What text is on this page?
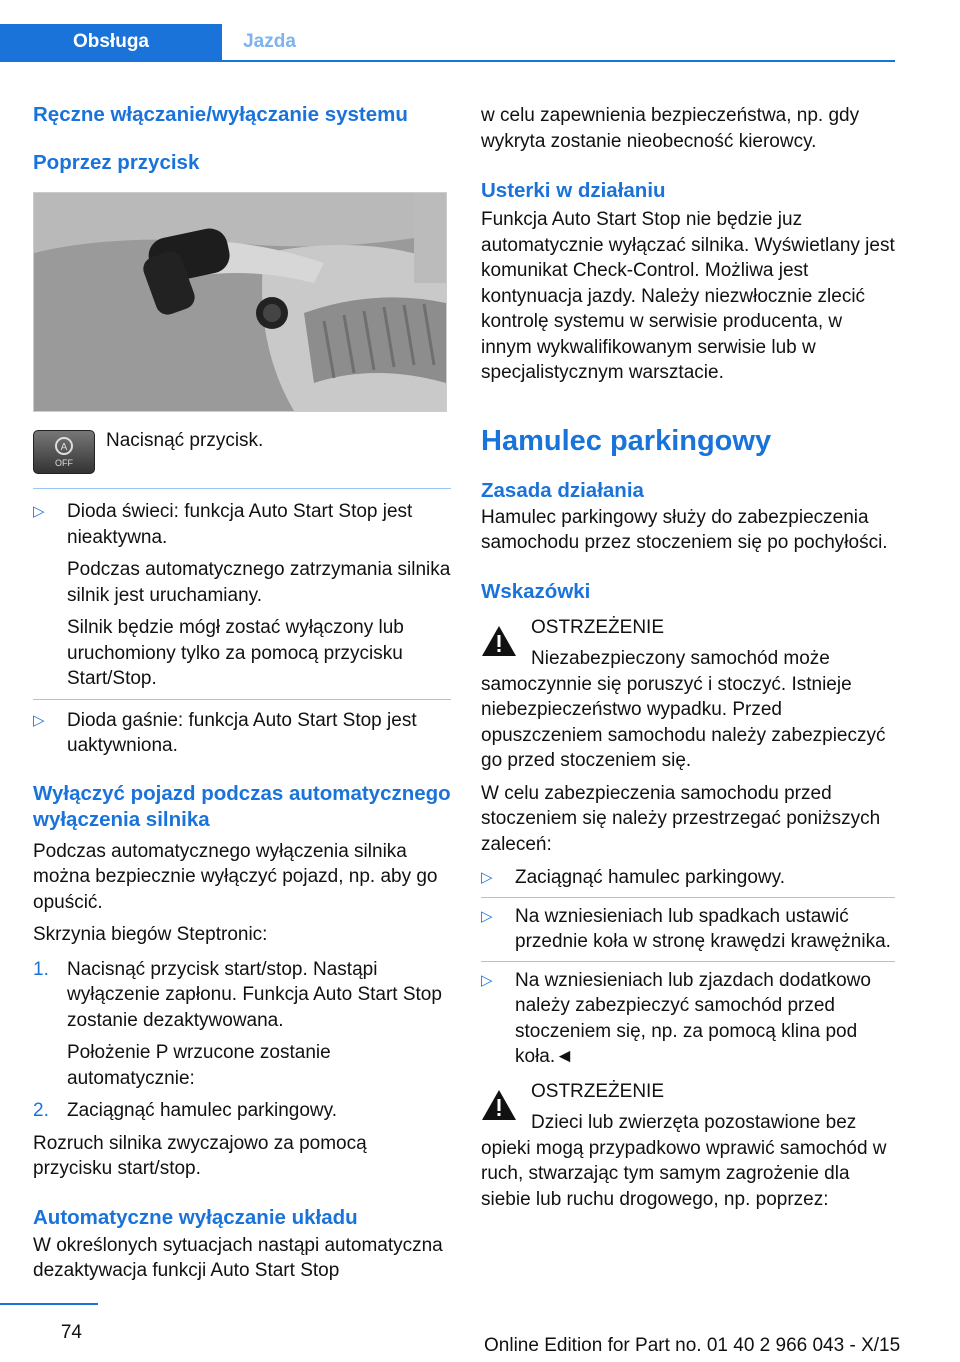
Obsługa	Jazda
Ręczne włączanie/wyłączanie systemu
Poprzez przycisk
A
OFF

Nacisnąć przycisk.

▷ Dioda świeci: funkcja Auto Start Stop jest nieaktywna.

Podczas automatycznego zatrzymania silnika silnik jest uruchamiany.

Silnik będzie mógł zostać wyłączony lub uruchomiony tylko za pomocą przycisku Start/Stop.

▷ Dioda gaśnie: funkcja Auto Start Stop jest uaktywniona.

Wyłączyć pojazd podczas automatycznego wyłączenia silnika

Podczas automatycznego wyłączenia silnika można bezpiecznie wyłączyć pojazd, np. aby go opuścić.

Skrzynia biegów Steptronic:

1. Nacisnąć przycisk start/stop. Nastąpi wyłączenie zapłonu. Funkcja Auto Start Stop zostanie dezaktywowana.

Położenie P wrzucone zostanie automatycznie:

2. Zaciągnąć hamulec parkingowy.

Rozruch silnika zwyczajowo za pomocą przycisku start/stop.

Automatyczne wyłączanie układu

W określonych sytuacjach nastąpi automatyczna dezaktywacja funkcji Auto Start Stop

w celu zapewnienia bezpieczeństwa, np. gdy wykryta zostanie nieobecność kierowcy.

Usterki w działaniu

Funkcja Auto Start Stop nie będzie juz automatycznie wyłączać silnika. Wyświetlany jest komunikat Check-Control. Możliwa jest kontynuacja jazdy. Należy niezwłocznie zlecić kontrolę systemu w serwisie producenta, w innym wykwalifikowanym serwisie lub w specjalistycznym warsztacie.

Hamulec parkingowy
Zasada działania

Hamulec parkingowy służy do zabezpieczenia samochodu przez stoczeniem się po pochyłości.

Wskazówki

OSTRZEŻENIE

Niezabezpieczony samochód może samoczynnie się poruszyć i stoczyć. Istnieje niebezpieczeństwo wypadku. Przed opuszczeniem samochodu należy zabezpieczyć go przed stoczeniem się.

W celu zabezpieczenia samochodu przed stoczeniem się należy przestrzegać poniższych zaleceń:

▷ Zaciągnąć hamulec parkingowy.

▷ Na wzniesieniach lub spadkach ustawić przednie koła w stronę krawędzi krawężnika.

▷ Na wzniesieniach lub zjazdach dodatkowo należy zabezpieczyć samochód przed stoczeniem się, np. za pomocą klina pod koła.◄

OSTRZEŻENIE

Dzieci lub zwierzęta pozostawione bez opieki mogą przypadkowo wprawić samochód w ruch, stwarzając tym samym zagrożenie dla siebie lub ruchu drogowego, np. poprzez:

74
Online Edition for Part no. 01 40 2 966 043 - X/15
